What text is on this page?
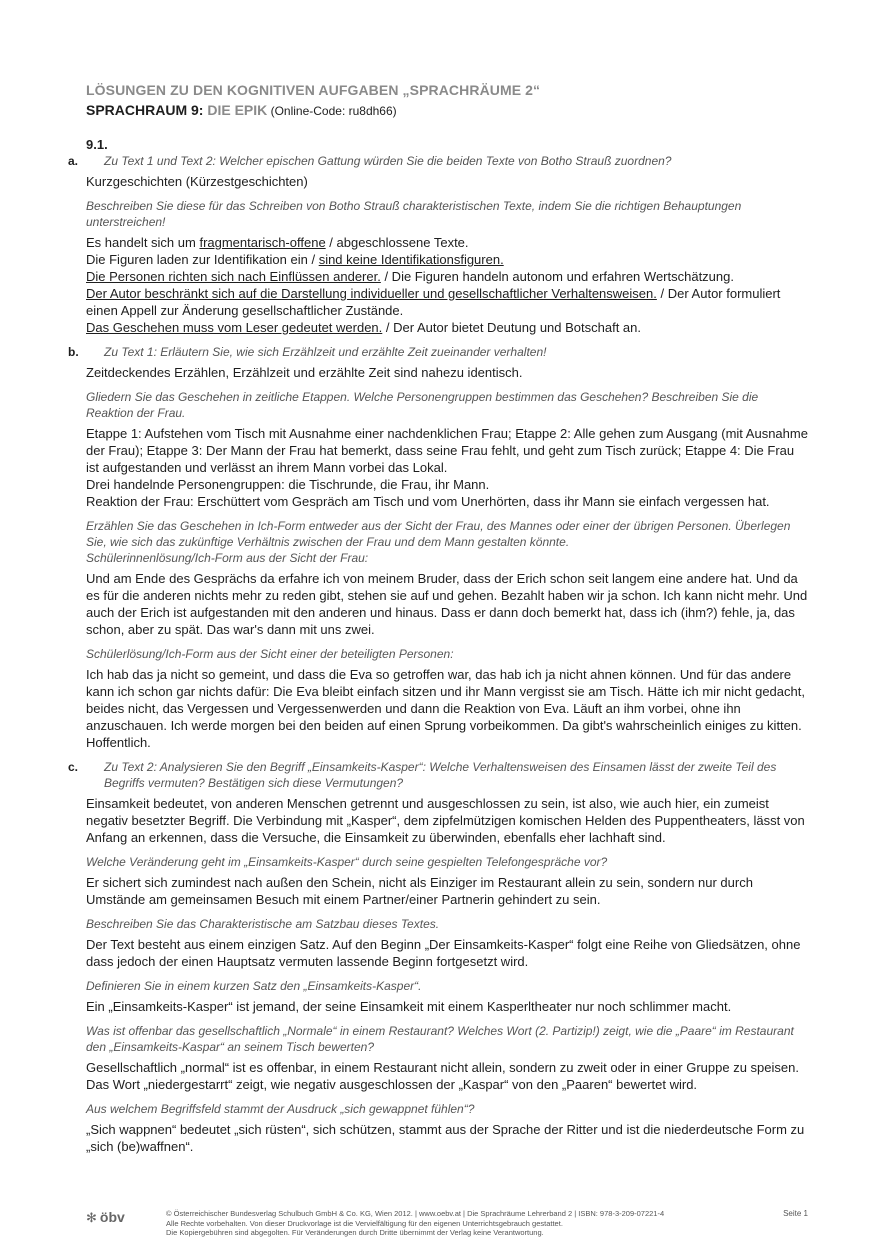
LÖSUNGEN ZU DEN KOGNITIVEN AUFGABEN „SPRACHRÄUME 2“

SPRACHRAUM 9: DIE EPIK (Online-Code: ru8dh66)

9.1.

a. Zu Text 1 und Text 2: Welcher epischen Gattung würden Sie die beiden Texte von Botho Strauß zuordnen?

Kurzgeschichten (Kürzestgeschichten)

Beschreiben Sie diese für das Schreiben von Botho Strauß charakteristischen Texte, indem Sie die richtigen Behauptungen unterstreichen!

Es handelt sich um fragmentarisch-offene / abgeschlossene Texte.

Die Figuren laden zur Identifikation ein / sind keine Identifikationsfiguren.

Die Personen richten sich nach Einflüssen anderer. / Die Figuren handeln autonom und erfahren Wertschätzung.

Der Autor beschränkt sich auf die Darstellung individueller und gesellschaftlicher Verhaltensweisen. / Der Autor formuliert einen Appell zur Änderung gesellschaftlicher Zustände.

Das Geschehen muss vom Leser gedeutet werden. / Der Autor bietet Deutung und Botschaft an.

b. Zu Text 1: Erläutern Sie, wie sich Erzählzeit und erzählte Zeit zueinander verhalten!

Zeitdeckendes Erzählen, Erzählzeit und erzählte Zeit sind nahezu identisch.

Gliedern Sie das Geschehen in zeitliche Etappen. Welche Personengruppen bestimmen das Geschehen? Beschreiben Sie die Reaktion der Frau.

Etappe 1: Aufstehen vom Tisch mit Ausnahme einer nachdenklichen Frau; Etappe 2: Alle gehen zum Ausgang (mit Ausnahme der Frau); Etappe 3: Der Mann der Frau hat bemerkt, dass seine Frau fehlt, und geht zum Tisch zurück; Etappe 4: Die Frau ist aufgestanden und verlässt an ihrem Mann vorbei das Lokal.

Drei handelnde Personengruppen: die Tischrunde, die Frau, ihr Mann.

Reaktion der Frau: Erschüttert vom Gespräch am Tisch und vom Unerhörten, dass ihr Mann sie einfach vergessen hat.

Erzählen Sie das Geschehen in Ich-Form entweder aus der Sicht der Frau, des Mannes oder einer der übrigen Personen. Überlegen Sie, wie sich das zukünftige Verhältnis zwischen der Frau und dem Mann gestalten könnte.

Schülerinnenlösung/Ich-Form aus der Sicht der Frau:

Und am Ende des Gesprächs da erfahre ich von meinem Bruder, dass der Erich schon seit langem eine andere hat. Und da es für die anderen nichts mehr zu reden gibt, stehen sie auf und gehen. Bezahlt haben wir ja schon. Ich kann nicht mehr. Und auch der Erich ist aufgestanden mit den anderen und hinaus. Dass er dann doch bemerkt hat, dass ich (ihm?) fehle, ja, das schon, aber zu spät. Das war's dann mit uns zwei.

Schülerlösung/Ich-Form aus der Sicht einer der beteiligten Personen:

Ich hab das ja nicht so gemeint, und dass die Eva so getroffen war, das hab ich ja nicht ahnen können. Und für das andere kann ich schon gar nichts dafür: Die Eva bleibt einfach sitzen und ihr Mann vergisst sie am Tisch. Hätte ich mir nicht gedacht, beides nicht, das Vergessen und Vergessenwerden und dann die Reaktion von Eva. Läuft an ihm vorbei, ohne ihn anzuschauen. Ich werde morgen bei den beiden auf einen Sprung vorbeikommen. Da gibt's wahrscheinlich einiges zu kitten. Hoffentlich.

c. Zu Text 2: Analysieren Sie den Begriff „Einsamkeits-Kasper“: Welche Verhaltensweisen des Einsamen lässt der zweite Teil des Begriffs vermuten? Bestätigen sich diese Vermutungen?

Einsamkeit bedeutet, von anderen Menschen getrennt und ausgeschlossen zu sein, ist also, wie auch hier, ein zumeist negativ besetzter Begriff. Die Verbindung mit „Kasper“, dem zipfelmützigen komischen Helden des Puppentheaters, lässt von Anfang an erkennen, dass die Versuche, die Einsamkeit zu überwinden, ebenfalls eher lachhaft sind.

Welche Veränderung geht im „Einsamkeits-Kasper“ durch seine gespielten Telefongespräche vor?

Er sichert sich zumindest nach außen den Schein, nicht als Einziger im Restaurant allein zu sein, sondern nur durch Umstände am gemeinsamen Besuch mit einem Partner/einer Partnerin gehindert zu sein.

Beschreiben Sie das Charakteristische am Satzbau dieses Textes.

Der Text besteht aus einem einzigen Satz. Auf den Beginn „Der Einsamkeits-Kasper“ folgt eine Reihe von Gliedsätzen, ohne dass jedoch der einen Hauptsatz vermuten lassende Beginn fortgesetzt wird.

Definieren Sie in einem kurzen Satz den „Einsamkeits-Kasper“.

Ein „Einsamkeits-Kasper“ ist jemand, der seine Einsamkeit mit einem Kasperltheater nur noch schlimmer macht.

Was ist offenbar das gesellschaftlich „Normale“ in einem Restaurant? Welches Wort (2. Partizip!) zeigt, wie die „Paare“ im Restaurant den „Einsamkeits-Kaspar“ an seinem Tisch bewerten?

Gesellschaftlich „normal“ ist es offenbar, in einem Restaurant nicht allein, sondern zu zweit oder in einer Gruppe zu speisen. Das Wort „niedergestarrt“ zeigt, wie negativ ausgeschlossen der „Kaspar“ von den „Paaren“ bewertet wird.

Aus welchem Begriffsfeld stammt der Ausdruck „sich gewappnet fühlen“?

„Sich wappnen“ bedeutet „sich rüsten“, sich schützen, stammt aus der Sprache der Ritter und ist die niederdeutsche Form zu „sich (be)waffnen“.

✻ öbv	© Österreichischer Bundesverlag Schulbuch GmbH & Co. KG, Wien 2012. | www.oebv.at | Die Sprachräume Lehrerband 2 | ISBN: 978-3-209-07221-4
Alle Rechte vorbehalten. Von dieser Druckvorlage ist die Vervielfältigung für den eigenen Unterrichtsgebrauch gestattet.
Die Kopiergebühren sind abgegolten. Für Veränderungen durch Dritte übernimmt der Verlag keine Verantwortung.
Seite 1
